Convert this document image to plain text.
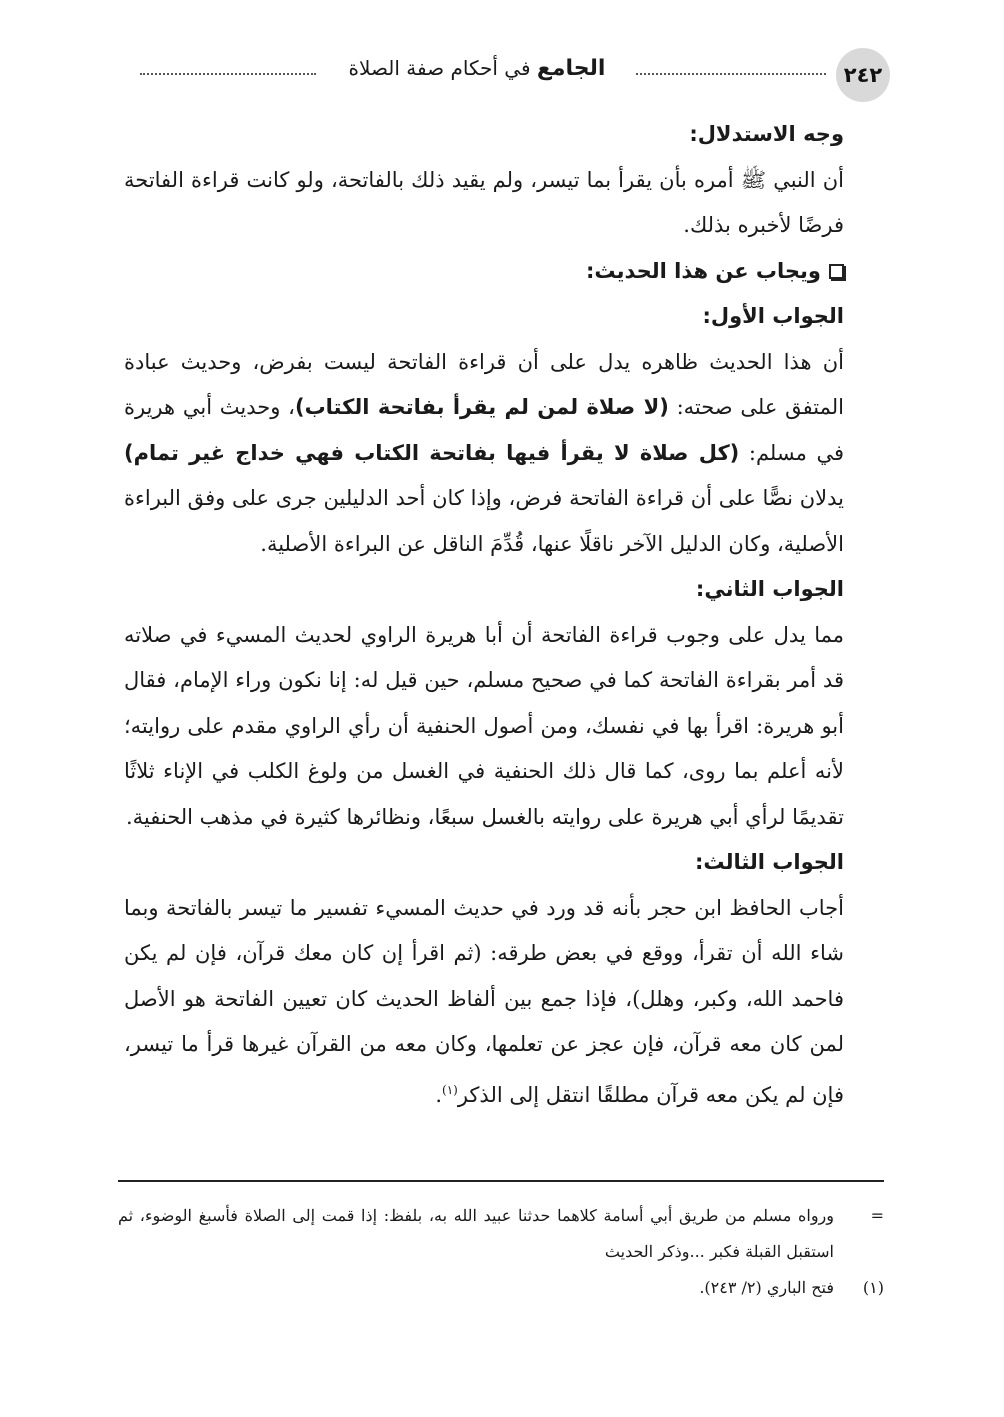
٢٤٢
الجامع في أحكام صفة الصلاة

وجه الاستدلال:

أن النبي ﷺ أمره بأن يقرأ بما تيسر، ولم يقيد ذلك بالفاتحة، ولو كانت قراءة الفاتحة فرضًا لأخبره بذلك.

ويجاب عن هذا الحديث:

الجواب الأول:

أن هذا الحديث ظاهره يدل على أن قراءة الفاتحة ليست بفرض، وحديث عبادة المتفق على صحته: (لا صلاة لمن لم يقرأ بفاتحة الكتاب)، وحديث أبي هريرة في مسلم: (كل صلاة لا يقرأ فيها بفاتحة الكتاب فهي خداج غير تمام) يدلان نصًّا على أن قراءة الفاتحة فرض، وإذا كان أحد الدليلين جرى على وفق البراءة الأصلية، وكان الدليل الآخر ناقلًا عنها، قُدِّمَ الناقل عن البراءة الأصلية.

الجواب الثاني:

مما يدل على وجوب قراءة الفاتحة أن أبا هريرة الراوي لحديث المسيء في صلاته قد أمر بقراءة الفاتحة كما في صحيح مسلم، حين قيل له: إنا نكون وراء الإمام، فقال أبو هريرة: اقرأ بها في نفسك، ومن أصول الحنفية أن رأي الراوي مقدم على روايته؛ لأنه أعلم بما روى، كما قال ذلك الحنفية في الغسل من ولوغ الكلب في الإناء ثلاثًا تقديمًا لرأي أبي هريرة على روايته بالغسل سبعًا، ونظائرها كثيرة في مذهب الحنفية.

الجواب الثالث:

أجاب الحافظ ابن حجر بأنه قد ورد في حديث المسيء تفسير ما تيسر بالفاتحة وبما شاء الله أن تقرأ، ووقع في بعض طرقه: (ثم اقرأ إن كان معك قرآن، فإن لم يكن فاحمد الله، وكبر، وهلل)، فإذا جمع بين ألفاظ الحديث كان تعيين الفاتحة هو الأصل لمن كان معه قرآن، فإن عجز عن تعلمها، وكان معه من القرآن غيرها قرأ ما تيسر، فإن لم يكن معه قرآن مطلقًا انتقل إلى الذكر$^{(١)}$.

=
ورواه مسلم من طريق أبي أسامة كلاهما حدثنا عبيد الله به، بلفظ: إذا قمت إلى الصلاة فأسبغ الوضوء، ثم استقبل القبلة فكبر ...وذكر الحديث
(١)
فتح الباري (٢/ ٢٤٣).
